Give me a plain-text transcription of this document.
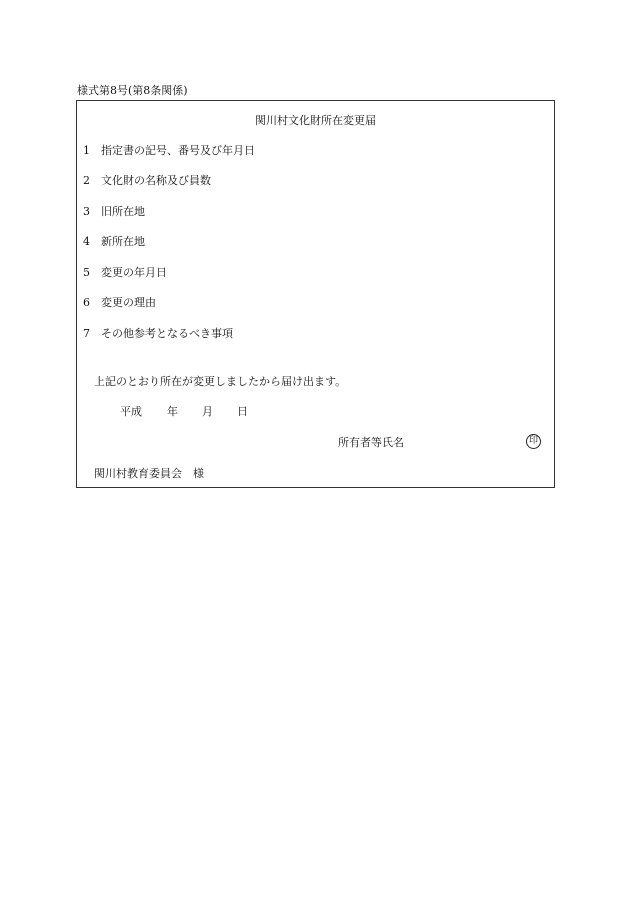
様式第8号(第8条関係)
関川村文化財所在変更届
1 指定書の記号、番号及び年月日
2 文化財の名称及び員数
3 旧所在地
4 新所在地
5 変更の年月日
6 変更の理由
7 その他参考となるべき事項
上記のとおり所在が変更しましたから届け出ます。
平成 年 月 日
所有者等氏名	印
関川村教育委員会　様
